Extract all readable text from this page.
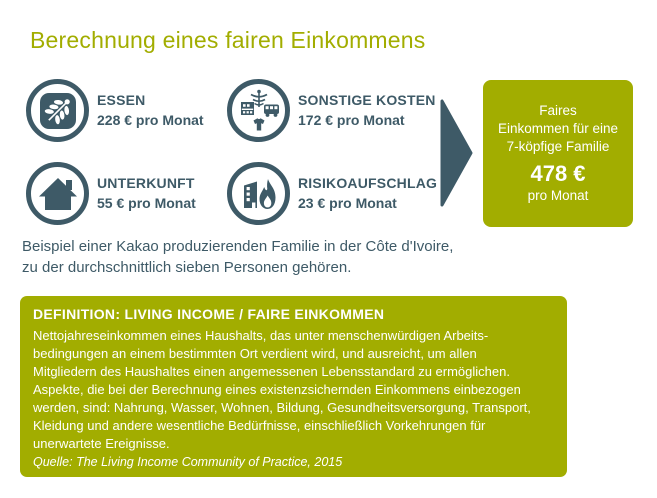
Berechnung eines fairen Einkommens
ESSEN
228 € pro Monat
SONSTIGE KOSTEN
172 € pro Monat
UNTERKUNFT
55 € pro Monat
RISIKOAUFSCHLAG
23 € pro Monat
Faires
Einkommen für eine
7-köpfige Familie
478 €
pro Monat
Beispiel einer Kakao produzierenden Familie in der Côte d'Ivoire,
zu der durchschnittlich sieben Personen gehören.
DEFINITION: LIVING INCOME / FAIRE EINKOMMEN
Nettojahreseinkommen eines Haushalts, das unter menschenwürdigen Arbeits-
bedingungen an einem bestimmten Ort verdient wird, und ausreicht, um allen
Mitgliedern des Haushaltes einen angemessenen Lebensstandard zu ermöglichen.
Aspekte, die bei der Berechnung eines existenzsichernden Einkommens einbezogen
werden, sind: Nahrung, Wasser, Wohnen, Bildung, Gesundheitsversorgung, Transport,
Kleidung und andere wesentliche Bedürfnisse, einschließlich Vorkehrungen für
unerwartete Ereignisse.
Quelle: The Living Income Community of Practice, 2015
